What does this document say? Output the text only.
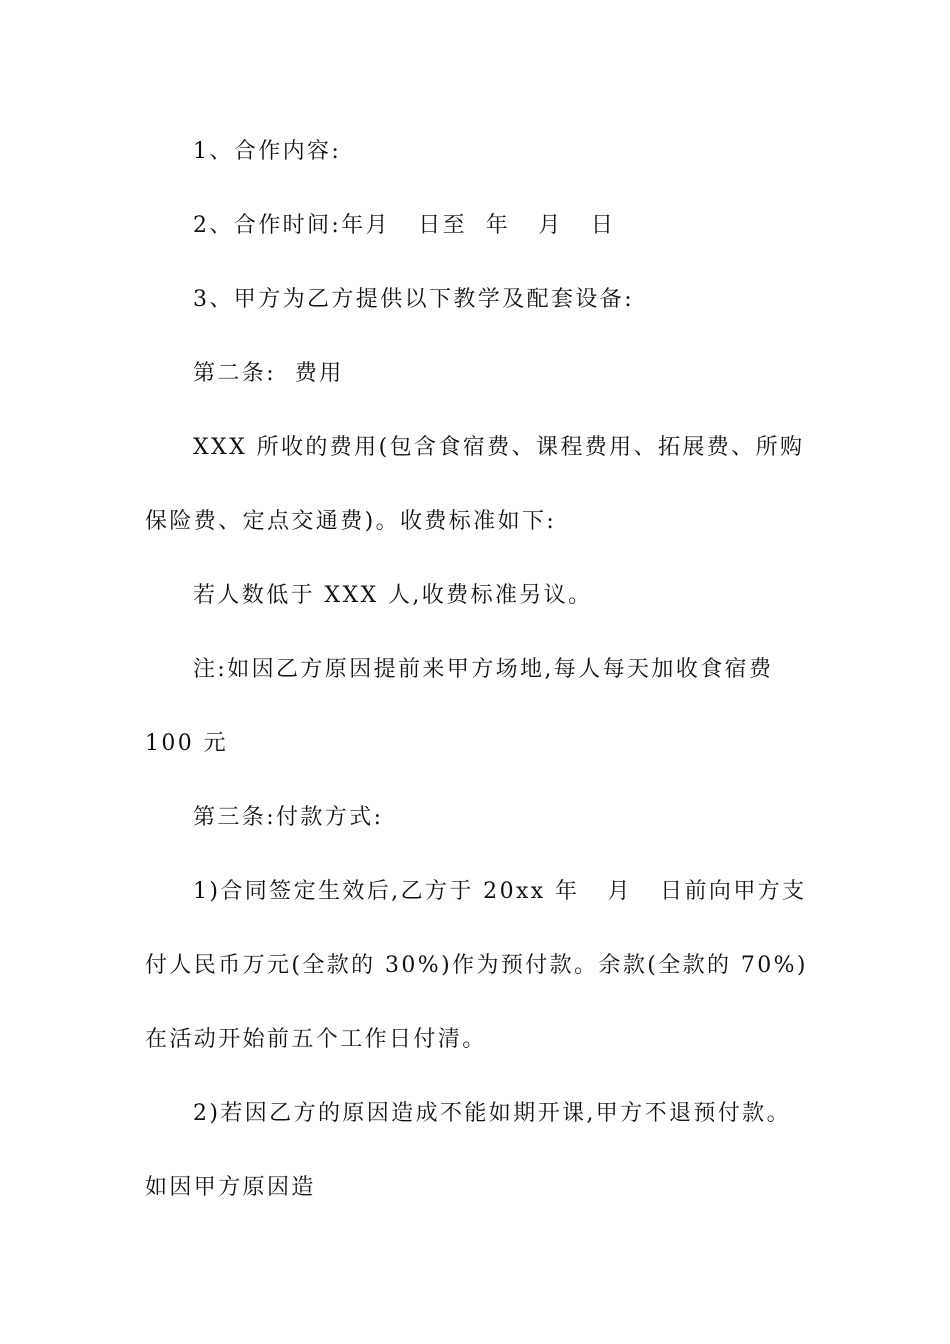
1、合作内容:
2、合作时间:年月   日至  年   月   日
3、甲方为乙方提供以下教学及配套设备:
第二条:  费用
XXX 所收的费用(包含食宿费、课程费用、拓展费、所购
保险费、定点交通费)。收费标准如下:
若人数低于 XXX 人,收费标准另议。
注:如因乙方原因提前来甲方场地,每人每天加收食宿费
100 元
第三条:付款方式:
1)合同签定生效后,乙方于 20xx 年   月   日前向甲方支
付人民币万元(全款的 30%)作为预付款。余款(全款的 70%)
在活动开始前五个工作日付清。
2)若因乙方的原因造成不能如期开课,甲方不退预付款。
如因甲方原因造
